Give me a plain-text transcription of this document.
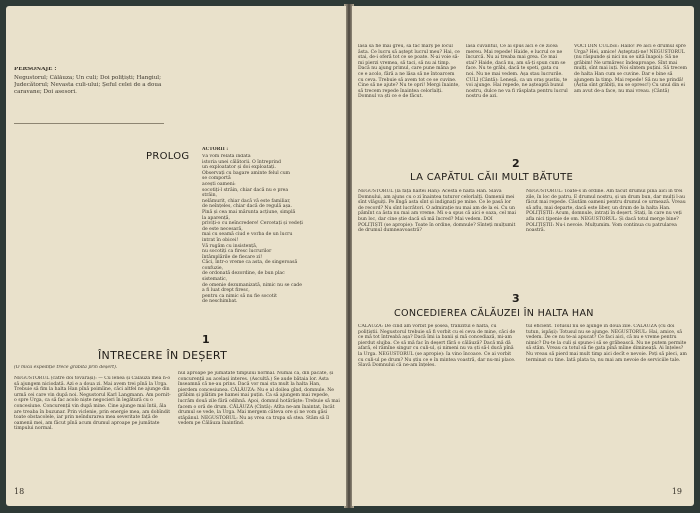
PERSONAJE :
Negustorul; Călăuza; Un culi; Doi polițiști; Hangiul; Judecătorul; Nevasta culi-ului; Șeful celei de a doua caravane; Doi asesori.
PROLOG
ACTORII :
Vă vom relata indată
istoria unei călătorii. O întreprind
un exploatator și doi exploatați.
Observați cu bagare aminte felul cum
se comportă
acești oameni:
socotiți-l străin, chiar dacă nu e prea
străin,
nelămurit, chiar dacă vă este familiar,
de neînțeles, chiar dacă de regulă așa.
Pină și cea mai mărunta acțiune, simplă
la aparență,
priviți-o cu neîncredere! Cercetați și vedeți
de este necesară,
mai cu seamă ciud e vorba de un lucru
intrat în obicei!
Vă rugăm cu insistență,
nu socotiți ca firesc lucrurilor
întâmplările de fiecare zi!
Căci, într-o vreme ca asta, de singeroasă
confuzie,
de ordonată dezordine, de bun plac
sistematic,
de omenie dezumanizată, nimic nu se cade
a fi luat drept firesc,
pentru ca nimic să nu fie socotit
de neschimbat.
1
ÎNTRECERE ÎN DEȘERT
(O mică expediție trece grăbită prin deșert).
NEGUSTORUL (către doi tovarăși): — Cu lenea și Călăuza mea n-o să ajungem niciodată. Azi e a doua zi. Mai avem trei pînă la Urga. Trebuie să fim la halta Han pînă poimîine, căci altfel ne ajunge din urmă cei care vin după noi. Negustorul Karl Langmann. Am pornit-o spre Urga, ca să fac acolo niște negocieri în legătură cu o concesiune. Concurenții vin după mine. Cine ajunge mai întii, ăla are treaba în buzunar. Prin viclenie, prin energie mea, am dobîndit toate obstacolele, iar prin neîndurarea mea severitate față de oamenii mei, am făcut pînă acum drumul aproape pe jumătate timpului normal.
nul aproape pe jumătate timpului normal. Numai că, din păcate, și concurenții au același interes. (Ascultă.) Se aude bătaia lor. Asta înseamnă că ne-au prins. Dacă vor mai sta mult la halta Han, pierdem concesiunea. CĂLĂUZA: Nu e al doilea gînd, domnule. Ne grăbim și plătim pe hamei mai puțin. Ca să ajungem mai repede, lucrăm două zile fără odihnă. Apoi, domnul hotărăște: Trebuie să mai facem o oră de drum. CĂLĂUZA (Cîntă): Atîta ne-am înaintat, încât drumul se vede, la Urga. Mai mergem câteva ore și ne vom găsi stăpânul. NEGUSTORUL: Nu aș vrea ca trupa să stea. Stăm să îl vedem pe Călăuza înaintînd.
18
lasă să fie mai greu, să fac marș pe locul ăsta. Ce lucru să aștept lucrul meu? Hai, ce stai, de-i oferă tot ce se poate. N-ai voie să-mi pierzi vremea, să taci, să nu ai timp. Dacă nu ajung primul, care pune mâna pe ce e acolo, fără a ne lăsa să ne întoarcem cu ceva. Trebuie să avem tot ce se cuvine. Cine să ne ajute? Nu te opri! Mergi înainte, să trecem repede înaintea celorlalți. Domnul va ști ce e de făcut.
lasă cuvântul, Ce ai spus aici e ce zicea mereu. Mai repede! Haide, e lucrul ce ne încurcă. Nu ai treaba mai grea. Ce mai stai? Haide, dacă nu, am să-ți spun cum se face. Nu te grăbi, dacă te speti, gata cu noi. Nu ne mai vedem. Așa stau lucrurile. CULI (Cântă): Leneșă, ca un oraș pustiu, te voi ajunge. Hai repede, ne așteaptă bunul nostru, dulce ne va fi răsplata pentru lucrul nostru de azi.
VOCI DIN CULISE: Hallo! Pe aici e drumul spre Urga? Hei, amice! Așteptați-ne! NEGUSTORUL (nu răspunde și nici nu se uită înapoi): Să ne grăbim! Ne urmăresc îndeaproape. Sînt mai mulți, sînt mai iuți. Noi sîntem puțini. Să trecem de halta Han cum se cuvine. Dar e bine să ajungem la timp. Mai repede! Să nu ne prindă! (Ăștia sînt grăbiți, nu se opresc!) Cu unul din ei am avut de-a face, nu mai vreau. (Cântă)
2
LA CAPĂTUL CĂII MULT BĂTUTE
NEGUSTORUL (la fața haltei Han): Acesta e halta Han. Slavă Domnului, am ajuns cu o zi înaintea tuturor celorlalți. Oamenii mei sînt vlăguiți. Pe lîngă asta sînt și indignați pe mine. Ce le pasă lor de record? Nu sînt lucrători. O admirație nu mai am de la ei. Cu un pămînt ca ăsta nu mai am vreme. Mi s-a spus că aici e oaza, cel mai bun loc, dar cine știe dacă să mă încred? Mai vedem. DOI POLIȚIȘTI (se apropie): Toate în ordine, domnule? Sînteți mulțumit de drumul dumneavoastră?
NEGUSTORUL: Toate-s în ordine. Am făcut drumul pînă aici în trei zile, în loc de patru. E drumul nostru, și un drum bun, dar mulți l-au făcut mai repede. Căutăm oameni pentru drumul ce urmează. Vreau să aflu, mai departe, dacă este liber, un drum de la halta Han. POLIȚIȘTII: Acum, domnule, intrați în deșert. Stați, în care nu veți afla nici țipenie de om. NEGUSTORUL: Și dacă totul merge bine? POLIȚIȘTII: Nu-i nevoie. Mulțumim. Vom continua cu patrularea noastră.
3
CONCEDIEREA CĂLĂUZEI ÎN HALTA HAN
CĂLĂUZA: De cînd am vorbit pe șosea, tranzitul e haltă, cu polițiștii. Negustorul trebuie să fi vorbit cu ei ceva de mine, căci de ce mă tot întreabă așa? Dacă îmi ia banii și mă concediază, mi-am pierdut slujba. Ce să mă fac în deșert fără o călăuză? Dacă mă dă afară, el rămîne singur cu culi-ul, și nimeni nu va ști să-l ducă pînă la Urga. NEGUSTORUL (se apropie): Ia vino încoace. Ce ai vorbit cu culi-ul pe drum? Nu știu ce e în mintea voastră, dar nu-mi place. Slavă Domnului că ne-am înțeles.
tul eficient. Totusul nu se ajunge în două zile. CĂLĂUZA (cu doi tutun, ispăși): Totusul nu se ajunge. NEGUSTORUL: Hai, amice, să vedem. De ce nu te-ai apucat? Ce faci aici, că nu e vreme pentru nimic? Du-te la culi și spune-i să se grăbească. Nu ne putem permite să stăm. Vreau ca totul să fie gata pînă mîine dimineață. Ai înțeles? Nu vreau să pierd mai mult timp aici decît e nevoie. Poți să pleci, am terminat cu tine. Iată plata ta, nu mai am nevoie de serviciile tale.
19
